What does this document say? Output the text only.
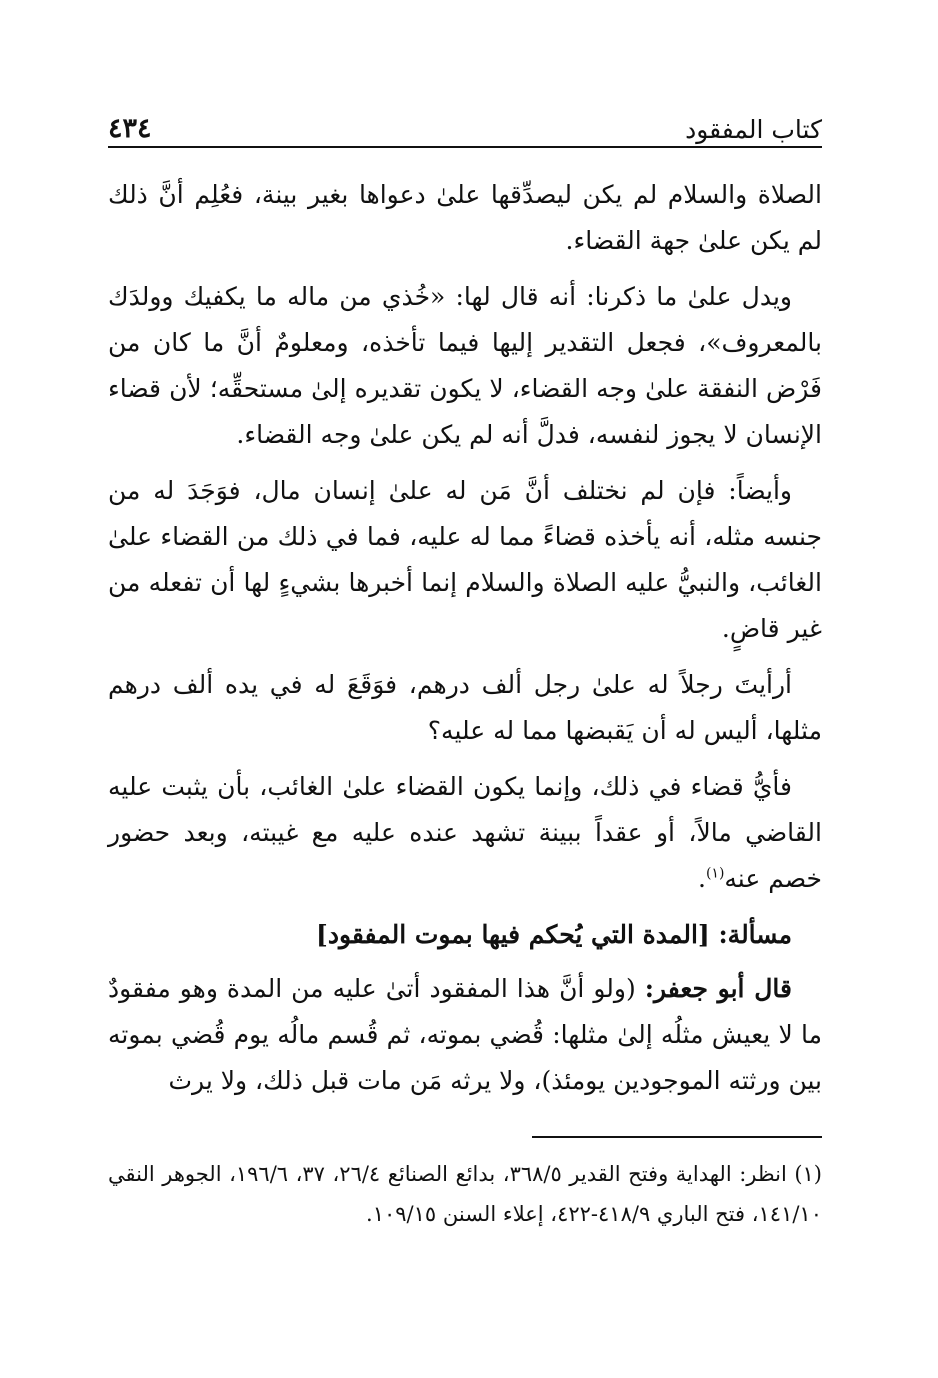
كتاب المفقود
٤٣٤

الصلاة والسلام لم يكن ليصدِّقها علىٰ دعواها بغير بينة، فعُلِم أنَّ ذلك لم يكن علىٰ جهة القضاء.

ويدل علىٰ ما ذكرنا: أنه قال لها: «خُذي من ماله ما يكفيك وولدَك بالمعروف»، فجعل التقدير إليها فيما تأخذه، ومعلومٌ أنَّ ما كان من فَرْض النفقة علىٰ وجه القضاء، لا يكون تقديره إلىٰ مستحقِّه؛ لأن قضاء الإنسان لا يجوز لنفسه، فدلَّ أنه لم يكن علىٰ وجه القضاء.

وأيضاً: فإن لم نختلف أنَّ مَن له علىٰ إنسان مال، فوَجَدَ له من جنسه مثله، أنه يأخذه قضاءً مما له عليه، فما في ذلك من القضاء علىٰ الغائب، والنبيُّ عليه الصلاة والسلام إنما أخبرها بشيءٍ لها أن تفعله من غير قاضٍ.

أرأيتَ رجلاً له علىٰ رجل ألف درهم، فوَقَعَ له في يده ألف درهم مثلها، أليس له أن يَقبضها مما له عليه؟

فأيُّ قضاء في ذلك، وإنما يكون القضاء علىٰ الغائب، بأن يثبت عليه القاضي مالاً، أو عقداً ببينة تشهد عنده عليه مع غيبته، وبعد حضور خصم عنه$^{(١)}$.

مسألة: [المدة التي يُحكم فيها بموت المفقود]

قال أبو جعفر: (ولو أنَّ هذا المفقود أتىٰ عليه من المدة وهو مفقودٌ ما لا يعيش مثلُه إلىٰ مثلها: قُضي بموته، ثم قُسم مالُه يوم قُضي بموته بين ورثته الموجودين يومئذ)، ولا يرثه مَن مات قبل ذلك، ولا يرث

(١) انظر: الهداية وفتح القدير ٣٦٨/٥، بدائع الصنائع ٢٦/٤، ٣٧، ١٩٦/٦، الجوهر النقي ١٤١/١٠، فتح الباري ٤١٨/٩-٤٢٢، إعلاء السنن ١٠٩/١٥.
